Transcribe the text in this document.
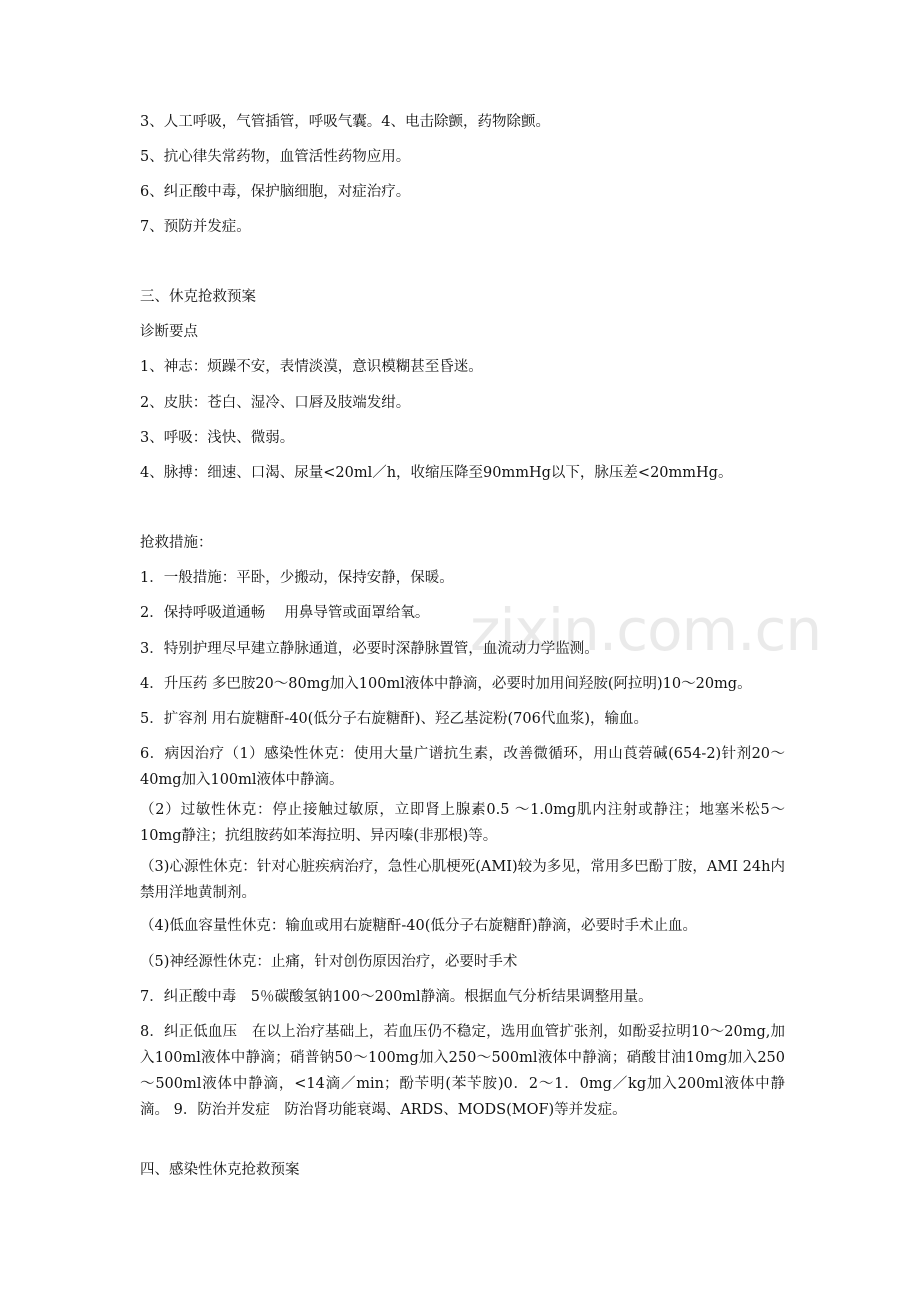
zixin.com.cn
3、人工呼吸，气管插管，呼吸气囊。4、电击除颤，药物除颤。
5、抗心律失常药物，血管活性药物应用。
6、纠正酸中毒，保护脑细胞，对症治疗。
7、预防并发症。
三、休克抢救预案
诊断要点
1、神志：烦躁不安，表情淡漠，意识模糊甚至昏迷。
2、皮肤：苍白、湿冷、口唇及肢端发绀。
3、呼吸：浅快、微弱。
4、脉搏：细速、口渴、尿量<20ml／h，收缩压降至90mmHg以下，脉压差<20mmHg。
抢救措施：
1．一般措施：平卧，少搬动，保持安静，保暖。
2．保持呼吸道通畅　 用鼻导管或面罩给氧。
3．特别护理尽早建立静脉通道，必要时深静脉置管，血流动力学监测。
4．升压药 多巴胺20～80mg加入100ml液体中静滴，必要时加用间羟胺(阿拉明)10～20mg。
5．扩容剂 用右旋糖酐-40(低分子右旋糖酐)、羟乙基淀粉(706代血浆)，输血。
6．病因治疗（1）感染性休克：使用大量广谱抗生素，改善微循环，用山莨菪碱(654-2)针剂20～40mg加入100ml液体中静滴。
（2）过敏性休克：停止接触过敏原，立即肾上腺素0.5 ～1.0mg肌内注射或静注；地塞米松5～10mg静注；抗组胺药如苯海拉明、异丙嗪(非那根)等。
（3)心源性休克：针对心脏疾病治疗，急性心肌梗死(AMI)较为多见，常用多巴酚丁胺，AMI 24h内禁用洋地黄制剂。
（4)低血容量性休克：输血或用右旋糖酐-40(低分子右旋糖酐)静滴，必要时手术止血。
（5)神经源性休克：止痛，针对创伤原因治疗，必要时手术
7．纠正酸中毒　5％碳酸氢钠100～200ml静滴。根据血气分析结果调整用量。
8．纠正低血压　在以上治疗基础上，若血压仍不稳定，选用血管扩张剂，如酚妥拉明10～20mg,加入100ml液体中静滴；硝普钠50～100mg加入250～500ml液体中静滴；硝酸甘油10mg加入250～500ml液体中静滴，<14滴／min；酚苄明(苯苄胺)0．2～1．0mg／kg加入200ml液体中静滴。 9．防治并发症　防治肾功能衰竭、ARDS、MODS(MOF)等并发症。
四、感染性休克抢救预案
